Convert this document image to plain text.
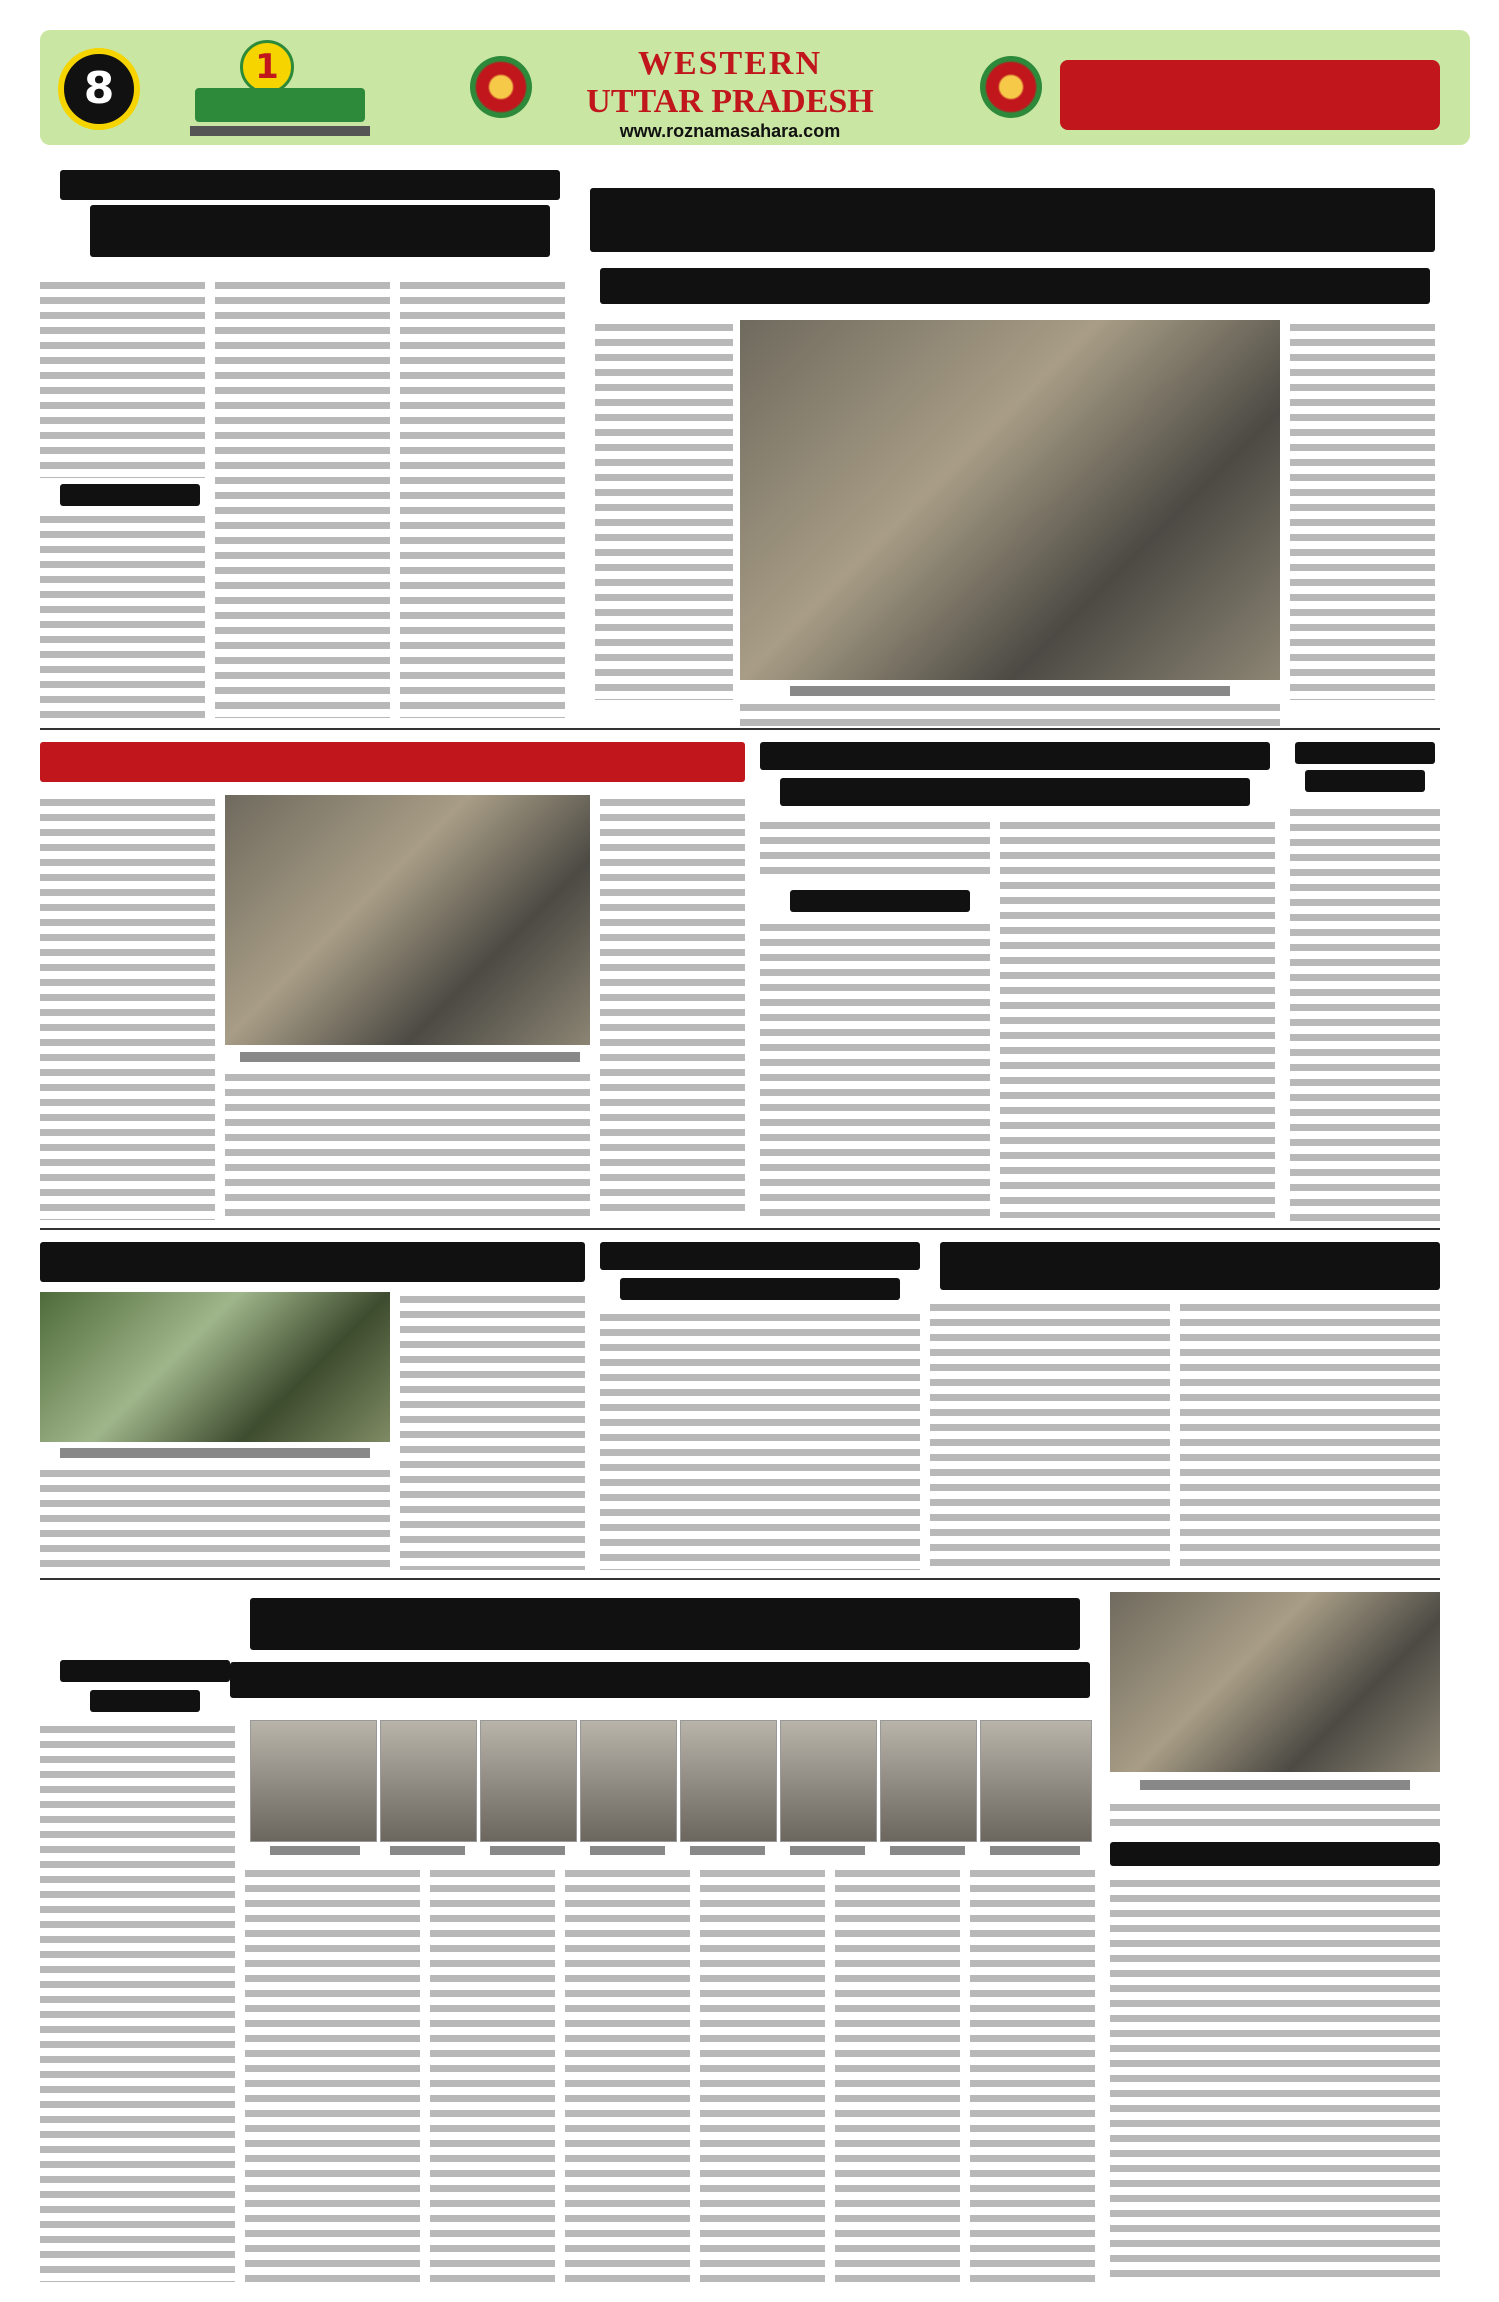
8	1	WESTERN
UTTAR PRADESH
www.roznamasahara.com
